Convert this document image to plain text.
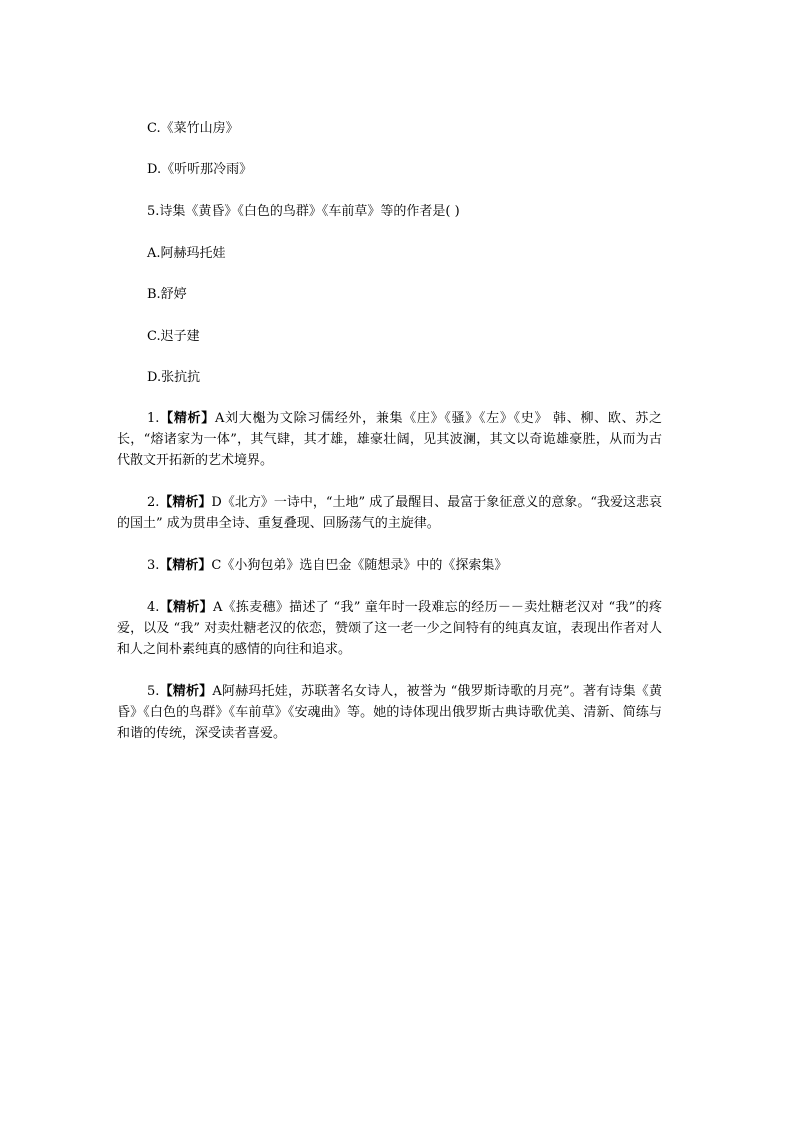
C.《菜竹山房》
D.《听听那冷雨》
5.诗集《黄昏》《白色的鸟群》《车前草》等的作者是( )
A.阿赫玛托娃
B.舒婷
C.迟子建
D.张抗抗

1.【精析】A刘大櫆为文除习儒经外，兼集《庄》《骚》《左》《史》 韩、柳、欧、苏之长，“熔诸家为一体”，其气肆，其才雄，雄豪壮阔，见其波澜，其文以奇诡雄豪胜，从而为古代散文开拓新的艺术境界。

2.【精析】D《北方》一诗中，“土地” 成了最醒目、最富于象征意义的意象。“我爱这悲哀的国土” 成为贯串全诗、重复叠现、回肠荡气的主旋律。

3.【精析】C《小狗包弟》选自巴金《随想录》中的《探索集》

4.【精析】A《拣麦穗》描述了 “我” 童年时一段难忘的经历－－卖灶糖老汉对 “我”的疼爱，以及 “我” 对卖灶糖老汉的依恋，赞颂了这一老一少之间特有的纯真友谊，表现出作者对人和人之间朴素纯真的感情的向往和追求。

5.【精析】A阿赫玛托娃，苏联著名女诗人，被誉为 “俄罗斯诗歌的月亮”。著有诗集《黄昏》《白色的鸟群》《车前草》《安魂曲》等。她的诗体现出俄罗斯古典诗歌优美、清新、简练与和谐的传统，深受读者喜爱。
